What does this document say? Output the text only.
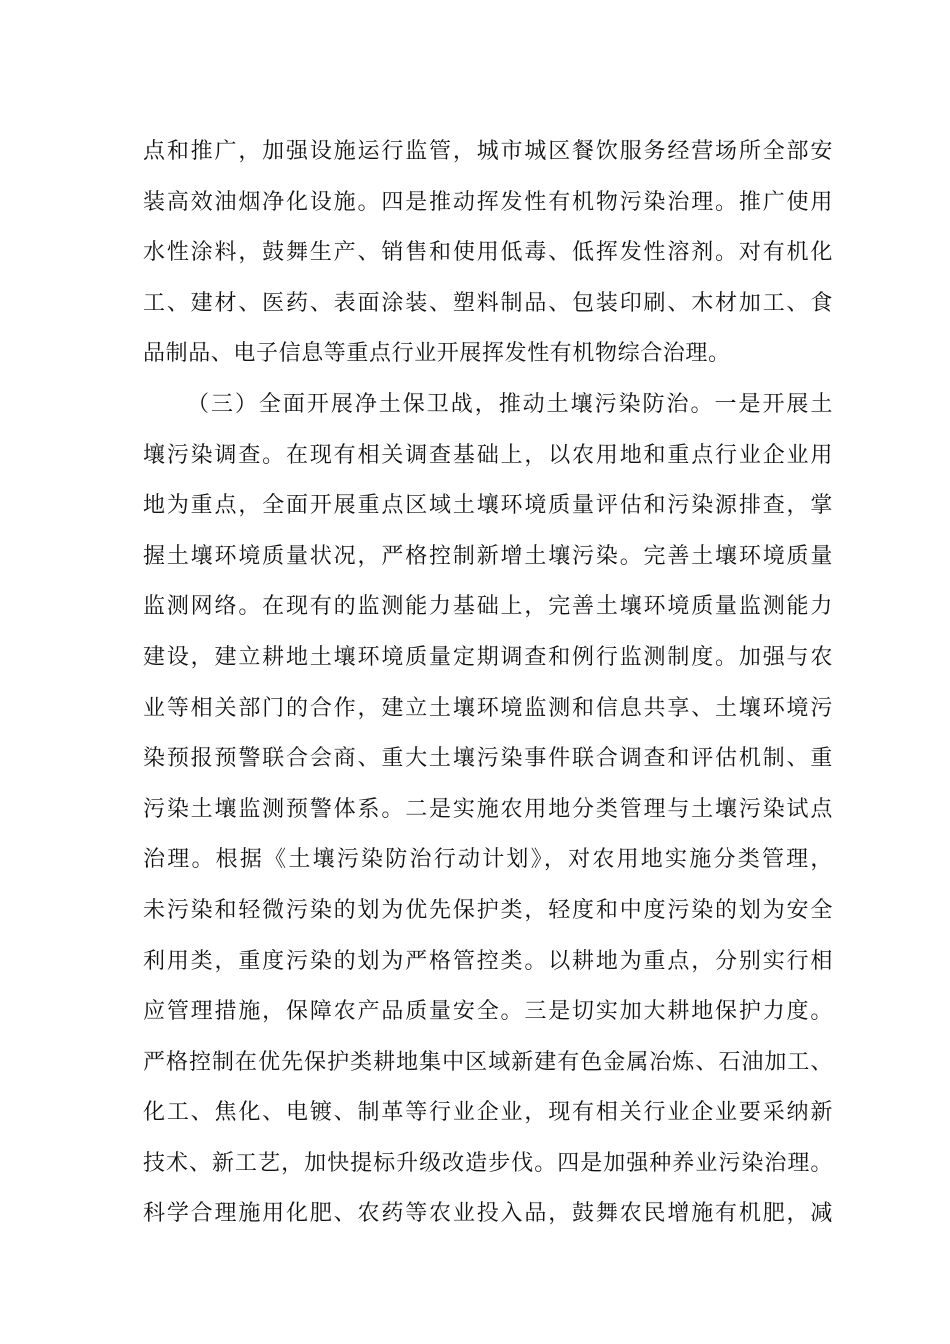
点和推广，加强设施运行监管，城市城区餐饮服务经营场所全部安
装高效油烟净化设施。四是推动挥发性有机物污染治理。推广使用
水性涂料，鼓舞生产、销售和使用低毒、低挥发性溶剂。对有机化
工、建材、医药、表面涂装、塑料制品、包装印刷、木材加工、食
品制品、电子信息等重点行业开展挥发性有机物综合治理。
（三）全面开展净土保卫战，推动土壤污染防治。一是开展土
壤污染调查。在现有相关调查基础上，以农用地和重点行业企业用
地为重点，全面开展重点区域土壤环境质量评估和污染源排查，掌
握土壤环境质量状况，严格控制新增土壤污染。完善土壤环境质量
监测网络。在现有的监测能力基础上，完善土壤环境质量监测能力
建设，建立耕地土壤环境质量定期调查和例行监测制度。加强与农
业等相关部门的合作，建立土壤环境监测和信息共享、土壤环境污
染预报预警联合会商、重大土壤污染事件联合调查和评估机制、重
污染土壤监测预警体系。二是实施农用地分类管理与土壤污染试点
治理。根据《土壤污染防治行动计划》，对农用地实施分类管理，
未污染和轻微污染的划为优先保护类，轻度和中度污染的划为安全
利用类，重度污染的划为严格管控类。以耕地为重点，分别实行相
应管理措施，保障农产品质量安全。三是切实加大耕地保护力度。
严格控制在优先保护类耕地集中区域新建有色金属冶炼、石油加工、
化工、焦化、电镀、制革等行业企业，现有相关行业企业要采纳新
技术、新工艺，加快提标升级改造步伐。四是加强种养业污染治理。
科学合理施用化肥、农药等农业投入品，鼓舞农民增施有机肥，减
